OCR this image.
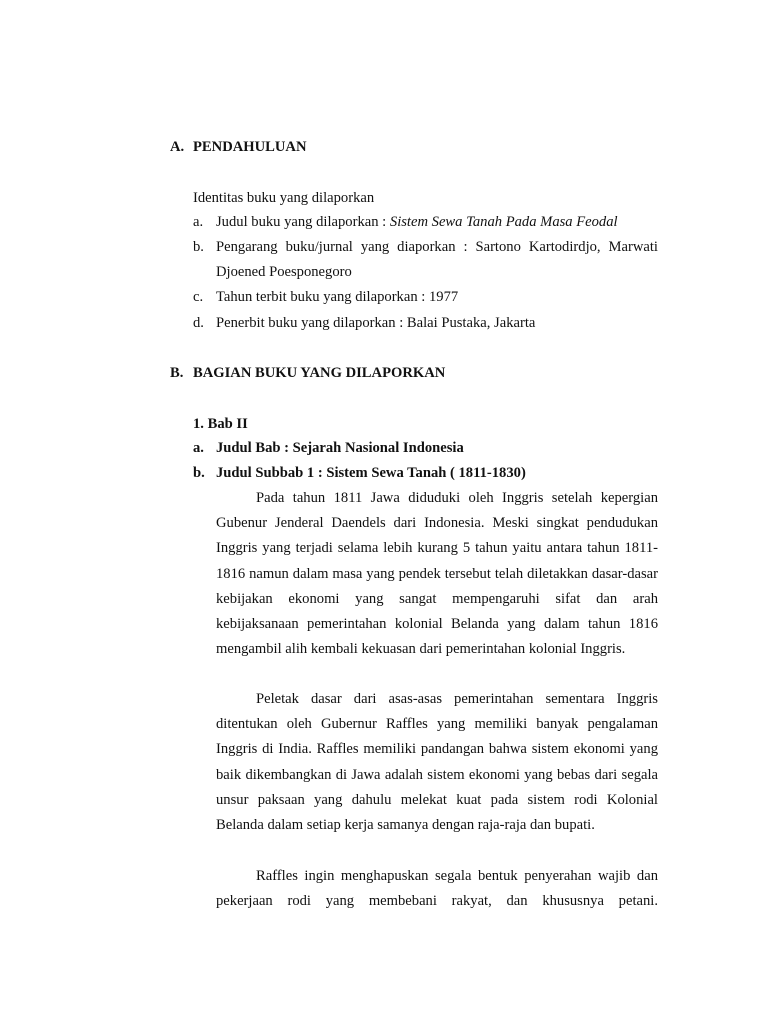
A. PENDAHULUAN
Identitas buku yang dilaporkan
a. Judul buku yang dilaporkan : Sistem Sewa Tanah Pada Masa Feodal
b. Pengarang buku/jurnal yang diaporkan : Sartono Kartodirdjo, Marwati
Djoened Poesponegoro
c. Tahun terbit buku yang dilaporkan : 1977
d. Penerbit buku yang dilaporkan : Balai Pustaka, Jakarta
B. BAGIAN BUKU YANG DILAPORKAN
1. Bab II
a. Judul Bab : Sejarah Nasional Indonesia
b. Judul Subbab 1 : Sistem Sewa Tanah ( 1811-1830)
Pada tahun 1811 Jawa diduduki oleh Inggris setelah kepergian Gubenur Jenderal Daendels dari Indonesia. Meski singkat pendudukan Inggris yang terjadi selama lebih kurang 5 tahun yaitu antara tahun 1811-1816 namun dalam masa yang pendek tersebut telah diletakkan dasar-dasar kebijakan ekonomi yang sangat mempengaruhi sifat dan arah kebijaksanaan pemerintahan kolonial Belanda yang dalam tahun 1816 mengambil alih kembali kekuasan dari pemerintahan kolonial Inggris.
Peletak dasar dari asas-asas pemerintahan sementara Inggris ditentukan oleh Gubernur Raffles yang memiliki banyak pengalaman Inggris di India. Raffles memiliki pandangan bahwa sistem ekonomi yang baik dikembangkan di Jawa adalah sistem ekonomi yang bebas dari segala unsur paksaan yang dahulu melekat kuat pada sistem rodi Kolonial Belanda dalam setiap kerja samanya dengan raja-raja dan bupati.
Raffles ingin menghapuskan segala bentuk penyerahan wajib dan pekerjaan rodi yang membebani rakyat, dan khususnya petani.
